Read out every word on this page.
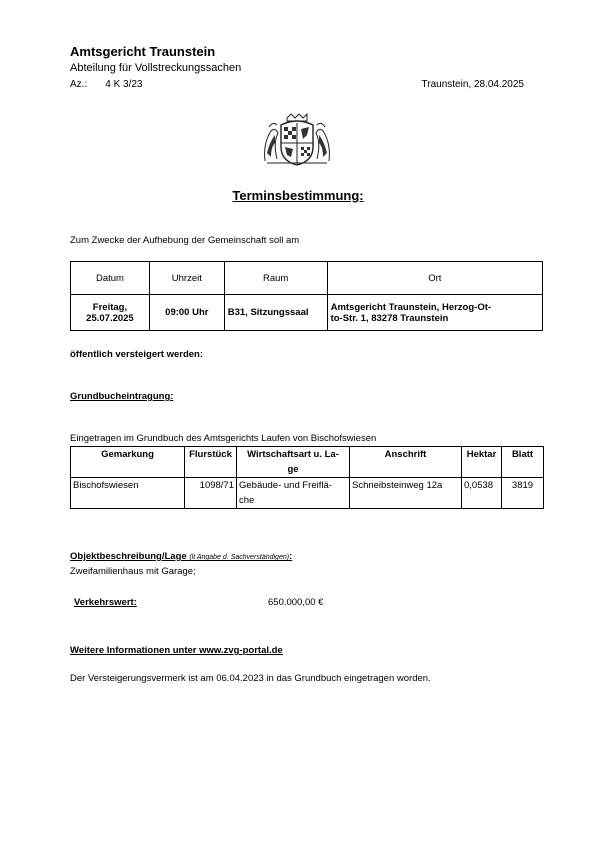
Amtsgericht Traunstein
Abteilung für Vollstreckungssachen
Az.: 4 K 3/23	Traunstein, 28.04.2025
Terminsbestimmung:
Zum Zwecke der Aufhebung der Gemeinschaft soll am
Datum	Uhrzeit	Raum	Ort
Freitag,
25.07.2025	09:00 Uhr	B31, Sitzungssaal	Amtsgericht Traunstein, Herzog-Ot-
to-Str. 1, 83278 Traunstein
öffentlich versteigert werden:
Grundbucheintragung:
Eingetragen im Grundbuch des Amtsgerichts Laufen von Bischofswiesen
Gemarkung	Flurstück	Wirtschaftsart u. La-
ge	Anschrift	Hektar	Blatt
Bischofswiesen	1098/71	Gebäude- und Freiflä-
che	Schneibsteinweg 12a	0,0538	3819
Objektbeschreibung/Lage (lt Angabe d. Sachverständigen):
Zweifamilienhaus mit Garage;
Verkehrswert:	650.000,00 €
Weitere Informationen unter www.zvg-portal.de
Der Versteigerungsvermerk ist am 06.04.2023 in das Grundbuch eingetragen worden.
